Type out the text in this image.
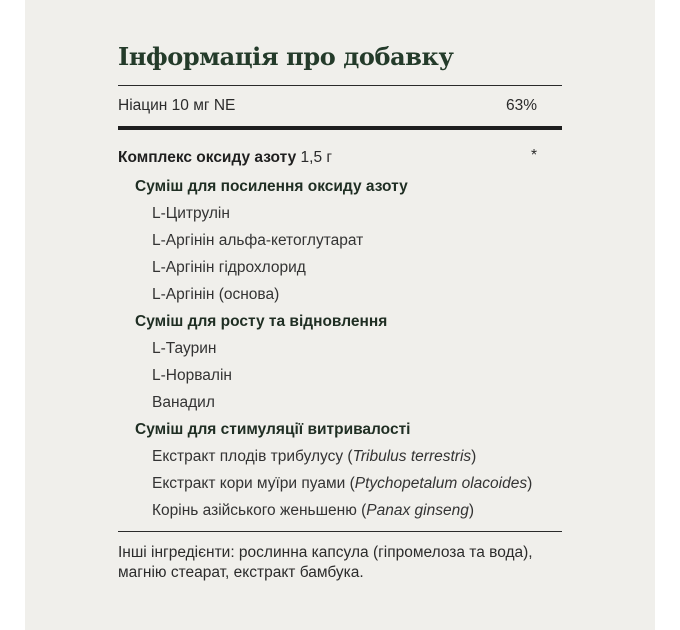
Інформація про добавку
Ніацин 10 мг NE	63%
Комплекс оксиду азоту 1,5 г	*
Суміш для посилення оксиду азоту
L-Цитрулін
L-Аргінін альфа-кетоглутарат
L-Аргінін гідрохлорид
L-Аргінін (основа)
Суміш для росту та відновлення
L-Таурин
L-Норвалін
Ванадил
Суміш для стимуляції витривалості
Екстракт плодів трибулусу (Tribulus terrestris)
Екстракт кори муїри пуами (Ptychopetalum olacoides)
Корінь азійського женьшеню (Panax ginseng)
Інші інгредієнти: рослинна капсула (гіпромелоза та вода), магнію стеарат, екстракт бамбука.
